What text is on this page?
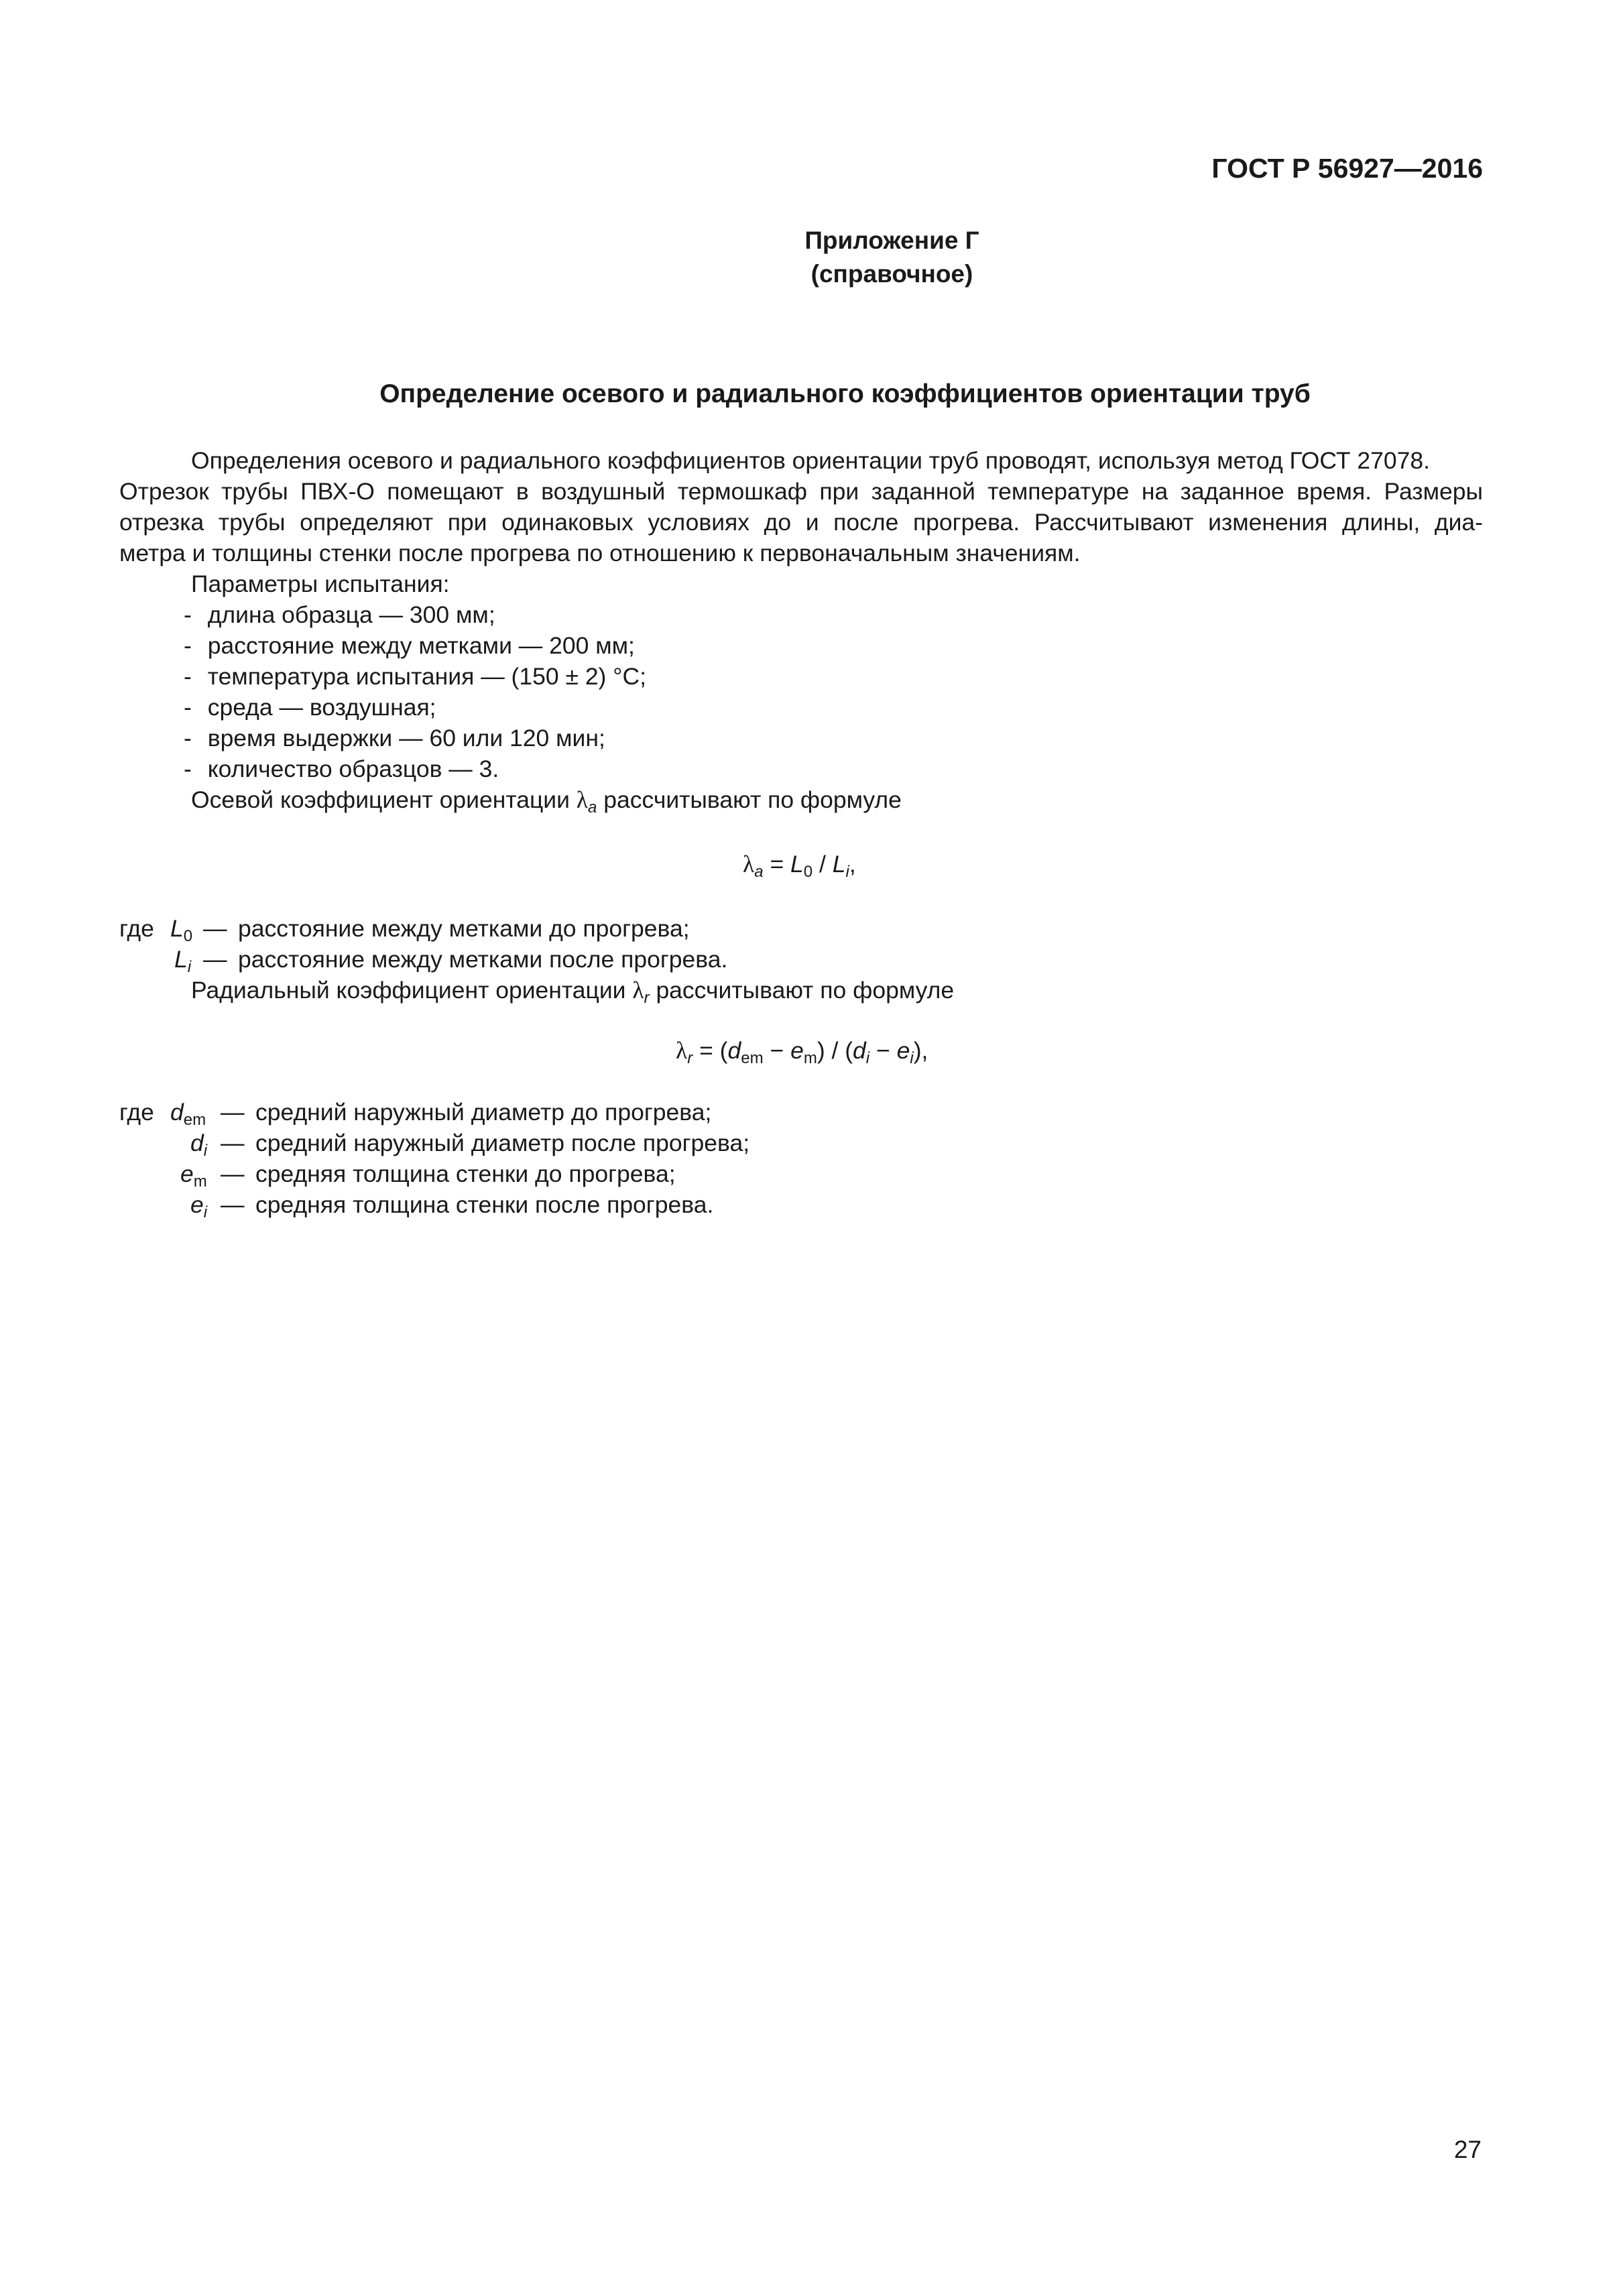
ГОСТ Р 56927—2016
Приложение Г
(справочное)
Определение осевого и радиального коэффициентов ориентации труб
Определения осевого и радиального коэффициентов ориентации труб проводят, используя метод ГОСТ 27078.
Отрезок трубы ПВХ-О помещают в воздушный термошкаф при заданной температуре на заданное время. Размеры
отрезка трубы определяют при одинаковых условиях до и после прогрева. Рассчитывают изменения длины, диа-
метра и толщины стенки после прогрева по отношению к первоначальным значениям.
Параметры испытания:
- длина образца — 300 мм;
- расстояние между метками — 200 мм;
- температура испытания — (150 ± 2) °С;
- среда — воздушная;
- время выдержки — 60 или 120 мин;
- количество образцов — 3.
Осевой коэффициент ориентации $\lambda_a$ рассчитывают по формуле
$\lambda_a = L_0 / L_i$,
где $L_0$ — расстояние между метками до прогрева;
$L_i$ — расстояние между метками после прогрева.
Радиальный коэффициент ориентации $\lambda_r$ рассчитывают по формуле
$\lambda_r = (d_{em} - e_m) / (d_i - e_i)$,
где $d_{em}$ — средний наружный диаметр до прогрева;
$d_i$ — средний наружный диаметр после прогрева;
$e_m$ — средняя толщина стенки до прогрева;
$e_i$ — средняя толщина стенки после прогрева.
27
